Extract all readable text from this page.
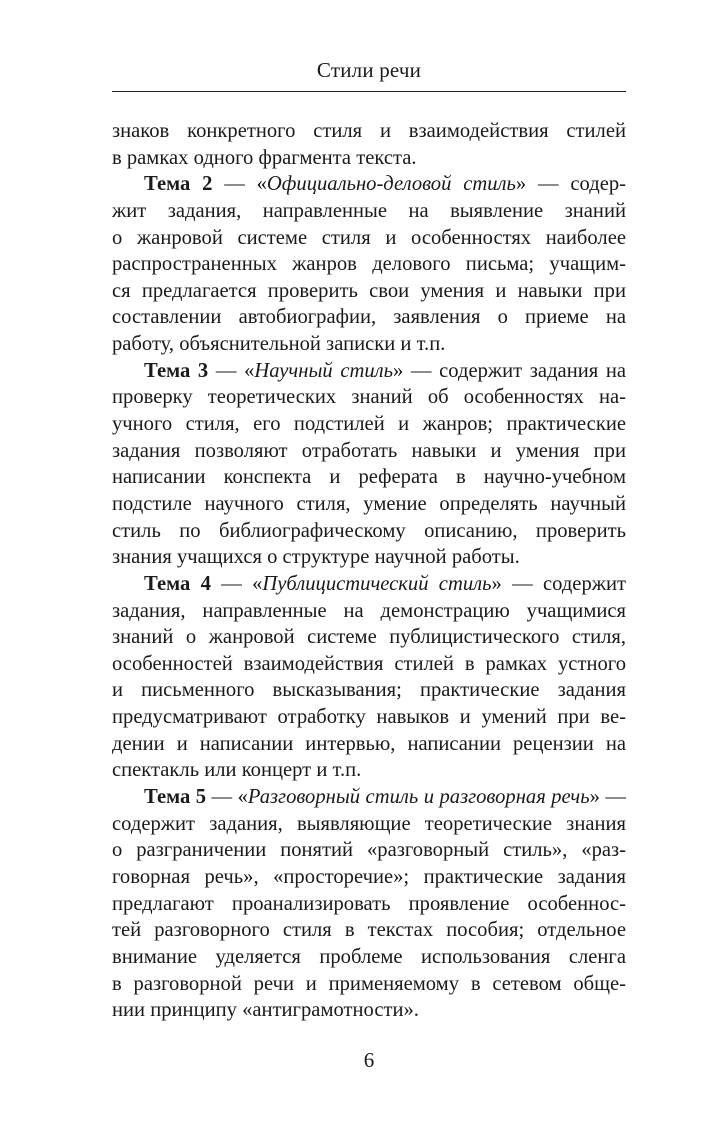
Стили речи
знаков конкретного стиля и взаимодействия стилей
в рамках одного фрагмента текста.
Тема 2 — «Официально-деловой стиль» — содер-
жит задания, направленные на выявление знаний
о жанровой системе стиля и особенностях наиболее
распространенных жанров делового письма; учащим-
ся предлагается проверить свои умения и навыки при
составлении автобиографии, заявления о приеме на
работу, объяснительной записки и т.п.
Тема 3 — «Научный стиль» — содержит задания на
проверку теоретических знаний об особенностях на-
учного стиля, его подстилей и жанров; практические
задания позволяют отработать навыки и умения при
написании конспекта и реферата в научно-учебном
подстиле научного стиля, умение определять научный
стиль по библиографическому описанию, проверить
знания учащихся о структуре научной работы.
Тема 4 — «Публицистический стиль» — содержит
задания, направленные на демонстрацию учащимися
знаний о жанровой системе публицистического стиля,
особенностей взаимодействия стилей в рамках устного
и письменного высказывания; практические задания
предусматривают отработку навыков и умений при ве-
дении и написании интервью, написании рецензии на
спектакль или концерт и т.п.
Тема 5 — «Разговорный стиль и разговорная речь» —
содержит задания, выявляющие теоретические знания
о разграничении понятий «разговорный стиль», «раз-
говорная речь», «просторечие»; практические задания
предлагают проанализировать проявление особеннос-
тей разговорного стиля в текстах пособия; отдельное
внимание уделяется проблеме использования сленга
в разговорной речи и применяемому в сетевом обще-
нии принципу «антиграмотности».
6
